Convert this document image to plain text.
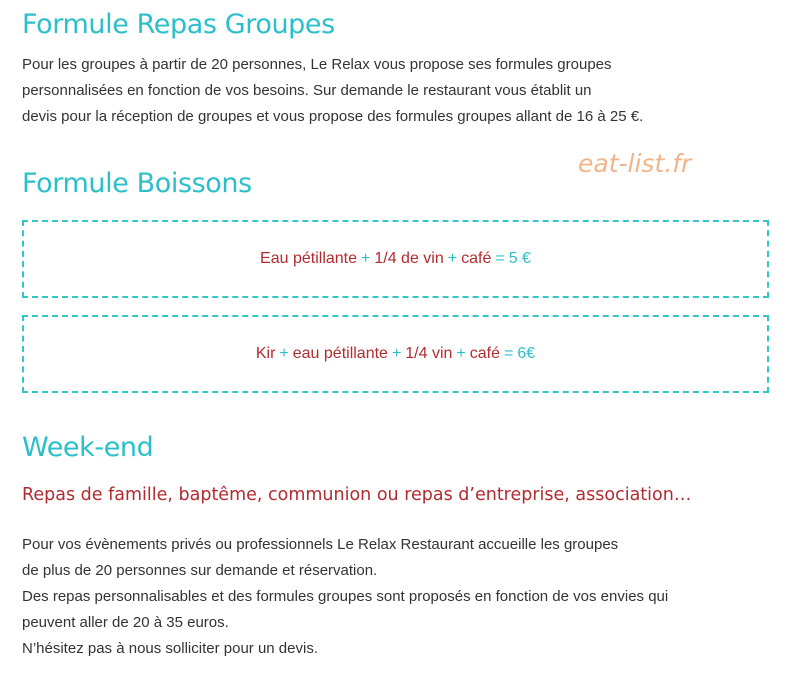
Formule Repas Groupes
Pour les groupes à partir de 20 personnes, Le Relax vous propose ses formules groupes
personnalisées en fonction de vos besoins. Sur demande le restaurant vous établit un
devis pour la réception de groupes et vous propose des formules groupes allant de 16 à 25 €.
eat-list.fr
Formule Boissons
Eau pétillante + 1/4 de vin + café = 5 €
Kir + eau pétillante + 1/4 vin + café = 6€
Week-end
Repas de famille, baptême, communion ou repas d’entreprise, association…
Pour vos évènements privés ou professionnels Le Relax Restaurant accueille les groupes
de plus de 20 personnes sur demande et réservation.
Des repas personnalisables et des formules groupes sont proposés en fonction de vos envies qui
peuvent aller de 20 à 35 euros.
N’hésitez pas à nous solliciter pour un devis.
